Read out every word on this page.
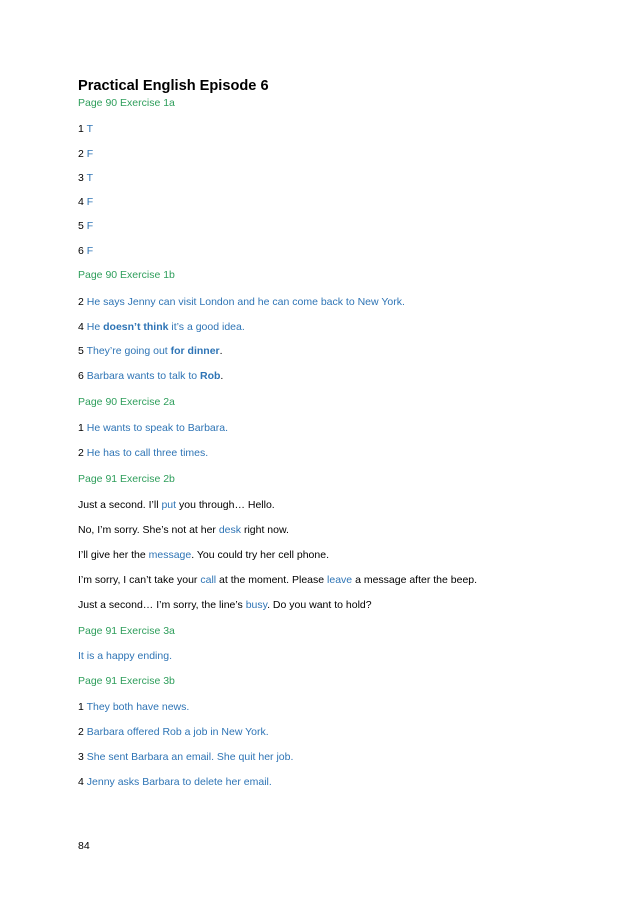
Practical English Episode 6

Page 90 Exercise 1a

1 T

2 F

3 T

4 F

5 F

6 F

Page 90 Exercise 1b

2 He says Jenny can visit London and he can come back to New York.

4 He doesn’t think it’s a good idea.

5 They’re going out for dinner.

6 Barbara wants to talk to Rob.

Page 90 Exercise 2a

1 He wants to speak to Barbara.

2 He has to call three times.

Page 91 Exercise 2b

Just a second. I’ll put you through… Hello.

No, I’m sorry. She’s not at her desk right now.

I’ll give her the message. You could try her cell phone.

I’m sorry, I can’t take your call at the moment. Please leave a message after the beep.

Just a second… I’m sorry, the line’s busy. Do you want to hold?

Page 91 Exercise 3a

It is a happy ending.

Page 91 Exercise 3b

1 They both have news.

2 Barbara offered Rob a job in New York.

3 She sent Barbara an email. She quit her job.

4 Jenny asks Barbara to delete her email.

84
